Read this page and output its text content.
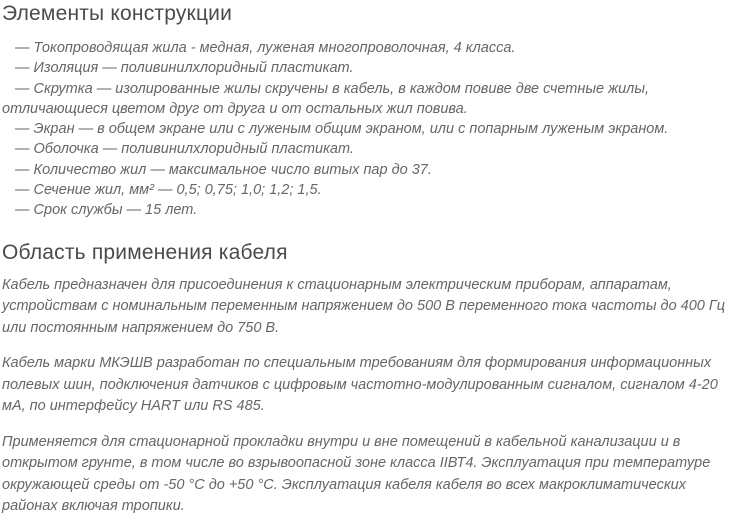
Элементы конструкции

— Токопроводящая жила - медная, луженая многопроволочная, 4 класса.

— Изоляция — поливинилхлоридный пластикат.

— Скрутка — изолированные жилы скручены в кабель, в каждом повиве две счетные жилы, отличающиеся цветом друг от друга и от остальных жил повива.

— Экран — в общем экране или с луженым общим экраном, или с попарным луженым экраном.

— Оболочка — поливинилхлоридный пластикат.

— Количество жил — максимальное число витых пар до 37.

— Сечение жил, мм² — 0,5; 0,75; 1,0; 1,2; 1,5.

— Срок службы — 15 лет.

Область применения кабеля

Кабель предназначен для присоединения к стационарным электрическим приборам, аппаратам, устройствам с номинальным переменным напряжением до 500 В переменного тока частоты до 400 Гц или постоянным напряжением до 750 В.

Кабель марки МКЭШВ разработан по специальным требованиям для формирования информационных полевых шин, подключения датчиков с цифровым частотно-модулированным сигналом, сигналом 4-20 мА, по интерфейсу HART или RS 485.

Применяется для стационарной прокладки внутри и вне помещений в кабельной канализации и в открытом грунте, в том числе во взрывоопасной зоне класса IIВТ4. Эксплуатация при температуре окружающей среды от -50 °C до +50 °C. Эксплуатация кабеля кабеля во всех макроклиматических районах включая тропики.
